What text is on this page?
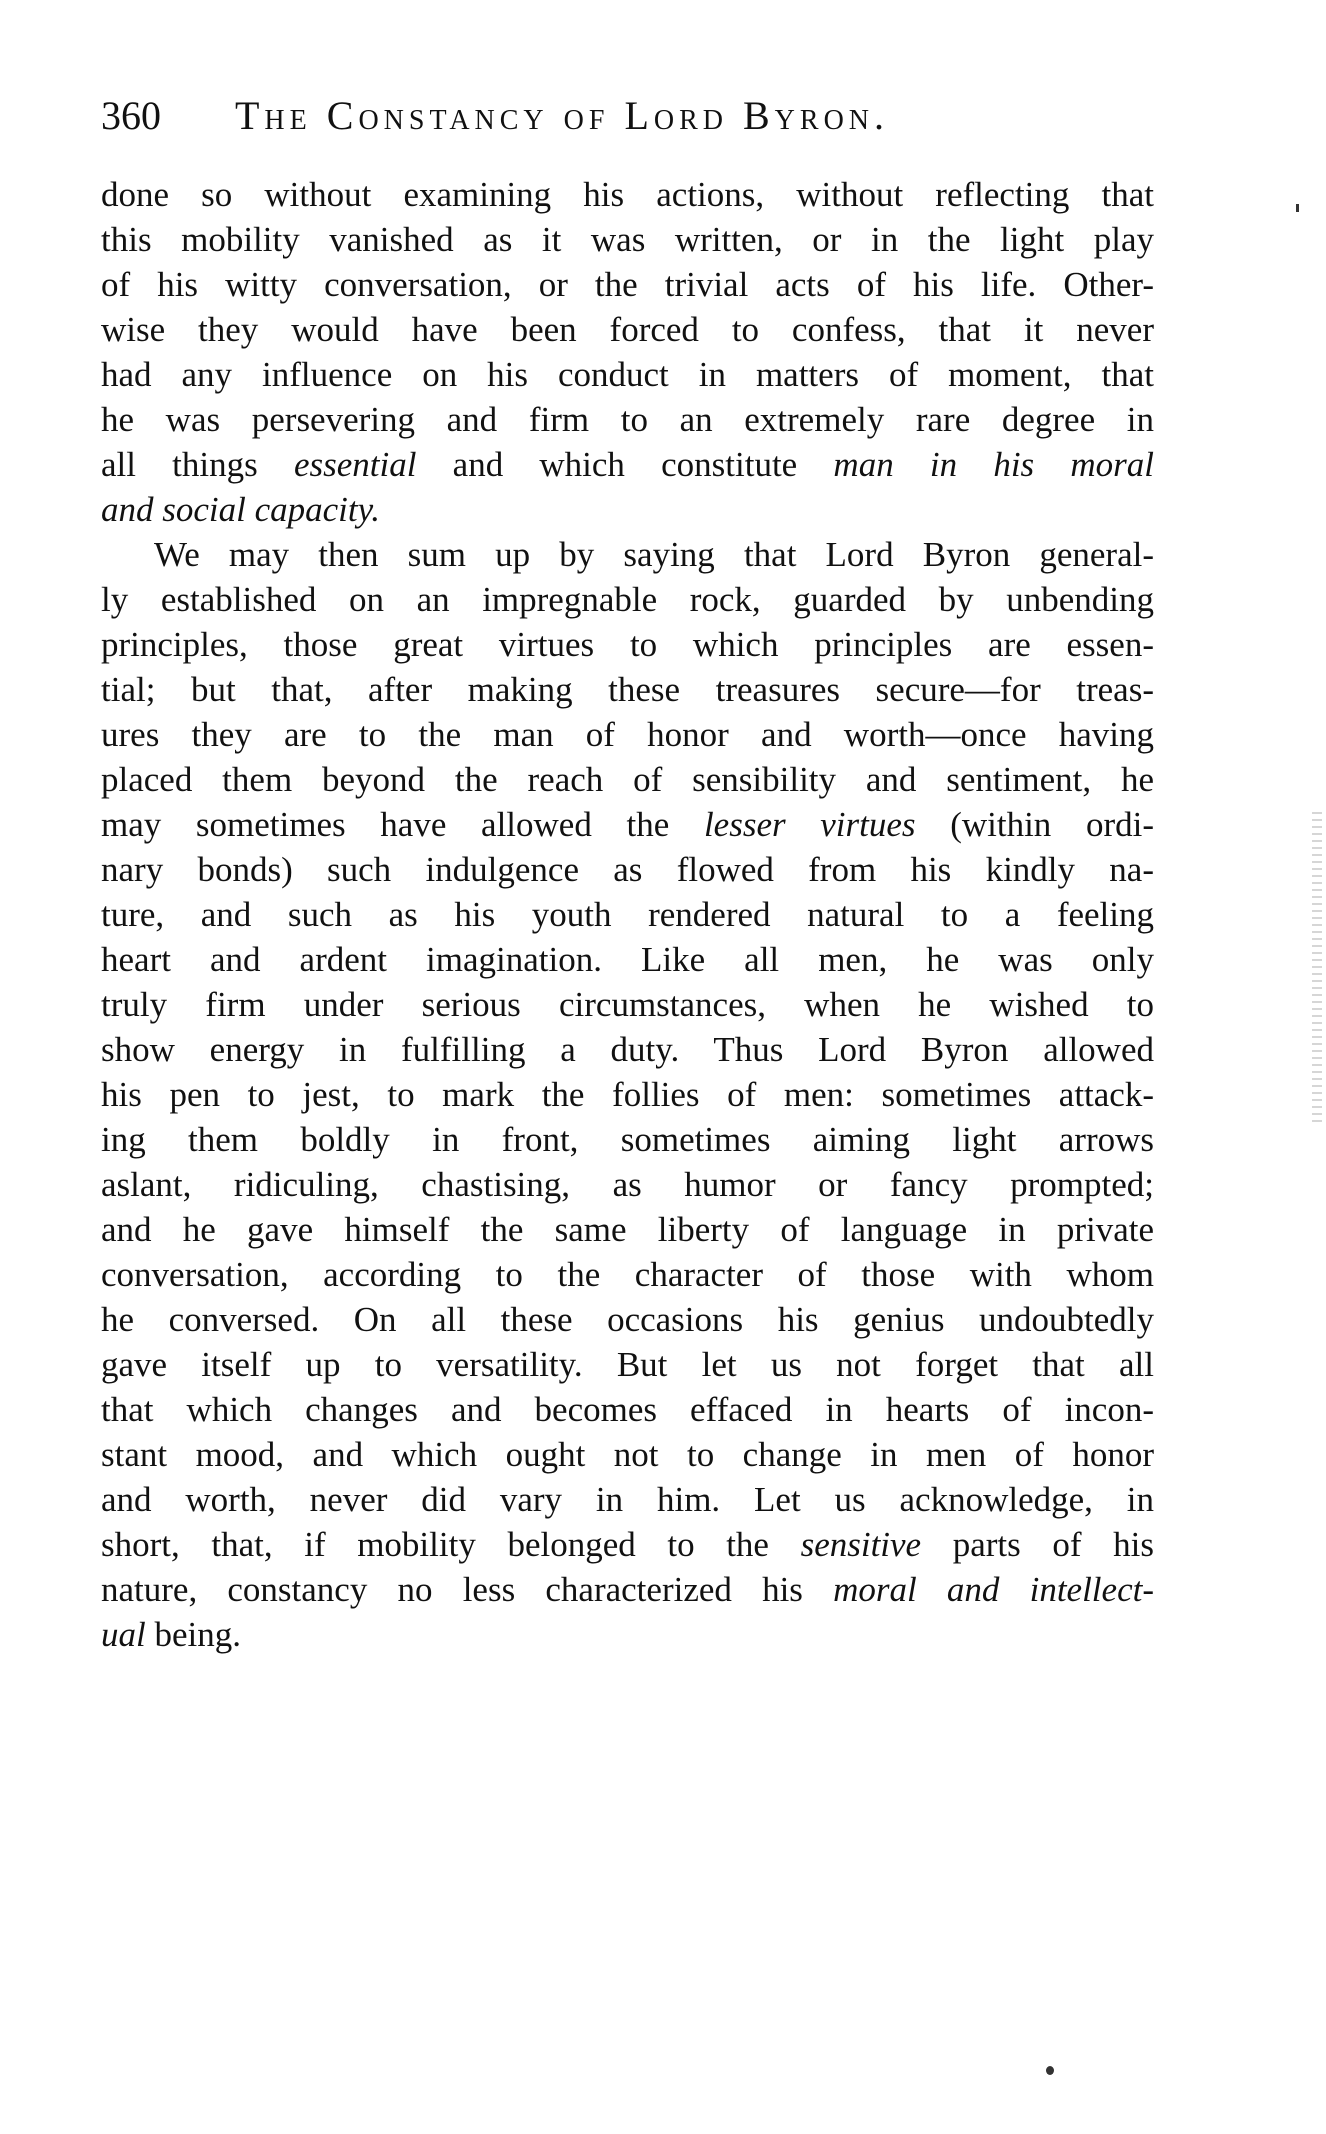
360 The Constancy of Lord Byron.
done so without examining his actions, without reflecting that
this mobility vanished as it was written, or in the light play
of his witty conversation, or the trivial acts of his life. Other-
wise they would have been forced to confess, that it never
had any influence on his conduct in matters of moment, that
he was persevering and firm to an extremely rare degree in
all things essential and which constitute man in his moral
and social capacity.
We may then sum up by saying that Lord Byron general-
ly established on an impregnable rock, guarded by unbending
principles, those great virtues to which principles are essen-
tial; but that, after making these treasures secure—for treas-
ures they are to the man of honor and worth—once having
placed them beyond the reach of sensibility and sentiment, he
may sometimes have allowed the lesser virtues (within ordi-
nary bonds) such indulgence as flowed from his kindly na-
ture, and such as his youth rendered natural to a feeling
heart and ardent imagination. Like all men, he was only
truly firm under serious circumstances, when he wished to
show energy in fulfilling a duty. Thus Lord Byron allowed
his pen to jest, to mark the follies of men: sometimes attack-
ing them boldly in front, sometimes aiming light arrows
aslant, ridiculing, chastising, as humor or fancy prompted;
and he gave himself the same liberty of language in private
conversation, according to the character of those with whom
he conversed. On all these occasions his genius undoubtedly
gave itself up to versatility. But let us not forget that all
that which changes and becomes effaced in hearts of incon-
stant mood, and which ought not to change in men of honor
and worth, never did vary in him. Let us acknowledge, in
short, that, if mobility belonged to the sensitive parts of his
nature, constancy no less characterized his moral and intellect-
ual being.
